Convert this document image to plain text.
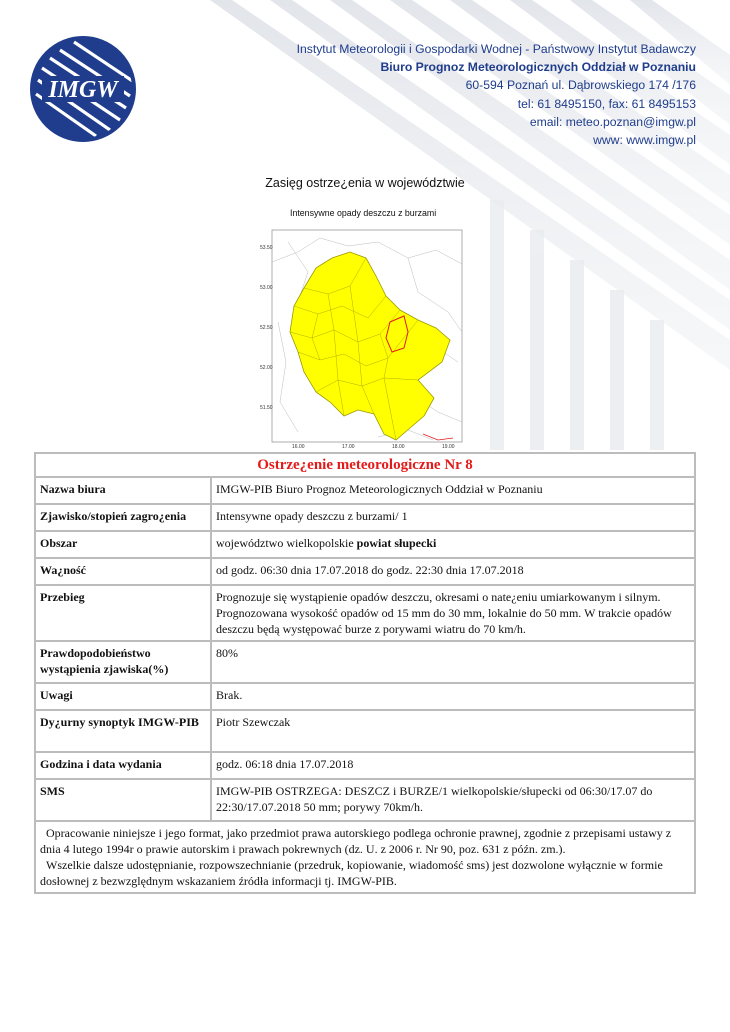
IMGW
Instytut Meteorologii i Gospodarki Wodnej - Państwowy Instytut Badawczy
Biuro Prognoz Meteorologicznych Oddział w Poznaniu
60-594 Poznań ul. Dąbrowskiego 174 /176
tel: 61 8495150, fax: 61 8495153
email: meteo.poznan@imgw.pl
www: www.imgw.pl
Zasięg ostrze¿enia w województwie
53.50
53.00
52.50
52.00
51.50
16.00	17.00	18.00	19.00
Intensywne opady deszczu z burzami
Ostrze¿enie meteorologiczne Nr 8	
Nazwa biura	IMGW-PIB Biuro Prognoz Meteorologicznych Oddział w Poznaniu
Zjawisko/stopień zagro¿enia	Intensywne opady deszczu z burzami/ 1
Obszar	województwo wielkopolskie powiat słupecki
Wa¿ność	od godz. 06:30 dnia 17.07.2018 do godz. 22:30 dnia 17.07.2018
Przebieg	Prognozuje się wystąpienie opadów deszczu, okresami o nate¿eniu umiarkowanym i silnym. Prognozowana wysokość opadów od 15 mm do 30 mm, lokalnie do 50 mm. W trakcie opadów deszczu będą występować burze z porywami wiatru do 70 km/h.
Prawdopodobieństwo wystąpienia zjawiska(%)	80%
Uwagi	Brak.
Dy¿urny synoptyk IMGW-PIB	Piotr Szewczak
Godzina i data wydania	godz. 06:18 dnia 17.07.2018
SMS	IMGW-PIB OSTRZEGA: DESZCZ i BURZE/1 wielkopolskie/słupecki od 06:30/17.07 do 22:30/17.07.2018 50 mm; porywy 70km/h.

Opracowanie niniejsze i jego format, jako przedmiot prawa autorskiego podlega ochronie prawnej, zgodnie z przepisami ustawy z dnia 4 lutego 1994r o prawie autorskim i prawach pokrewnych (dz. U. z 2006 r. Nr 90, poz. 631 z późn. zm.).
Wszelkie dalsze udostępnianie, rozpowszechnianie (przedruk, kopiowanie, wiadomość sms) jest dozwolone wyłącznie w formie dosłownej z bezwzględnym wskazaniem źródła informacji tj. IMGW-PIB.	
